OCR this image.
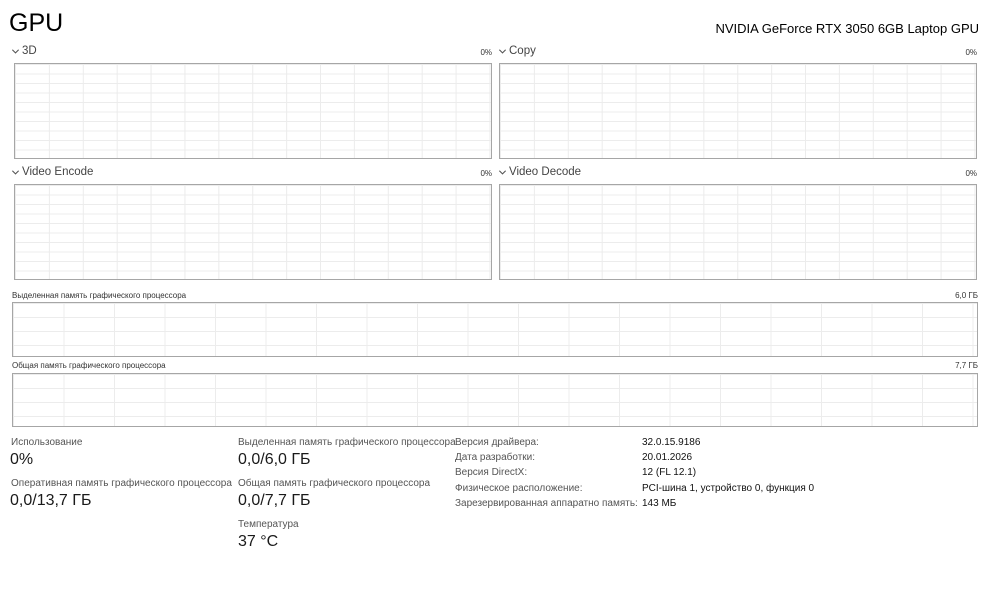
GPU	NVIDIA GeForce RTX 3050 6GB Laptop GPU
3D	0% Copy	0%
Video Encode	0% Video Decode	0%
Выделенная память графического процессора	6,0 ГБ
Общая память графического процессора	7,7 ГБ
Использование
0%
Оперативная память графического процессора
0,0/13,7 ГБ
Выделенная память графического процессора
0,0/6,0 ГБ
Общая память графического процессора
0,0/7,7 ГБ
Температура
37 °C
Версия драйвера:	32.0.15.9186
Дата разработки:	20.01.2026
Версия DirectX:	12 (FL 12.1)
Физическое расположение:	PCI-шина 1, устройство 0, функция 0
Зарезервированная аппаратно память: 143 МБ
